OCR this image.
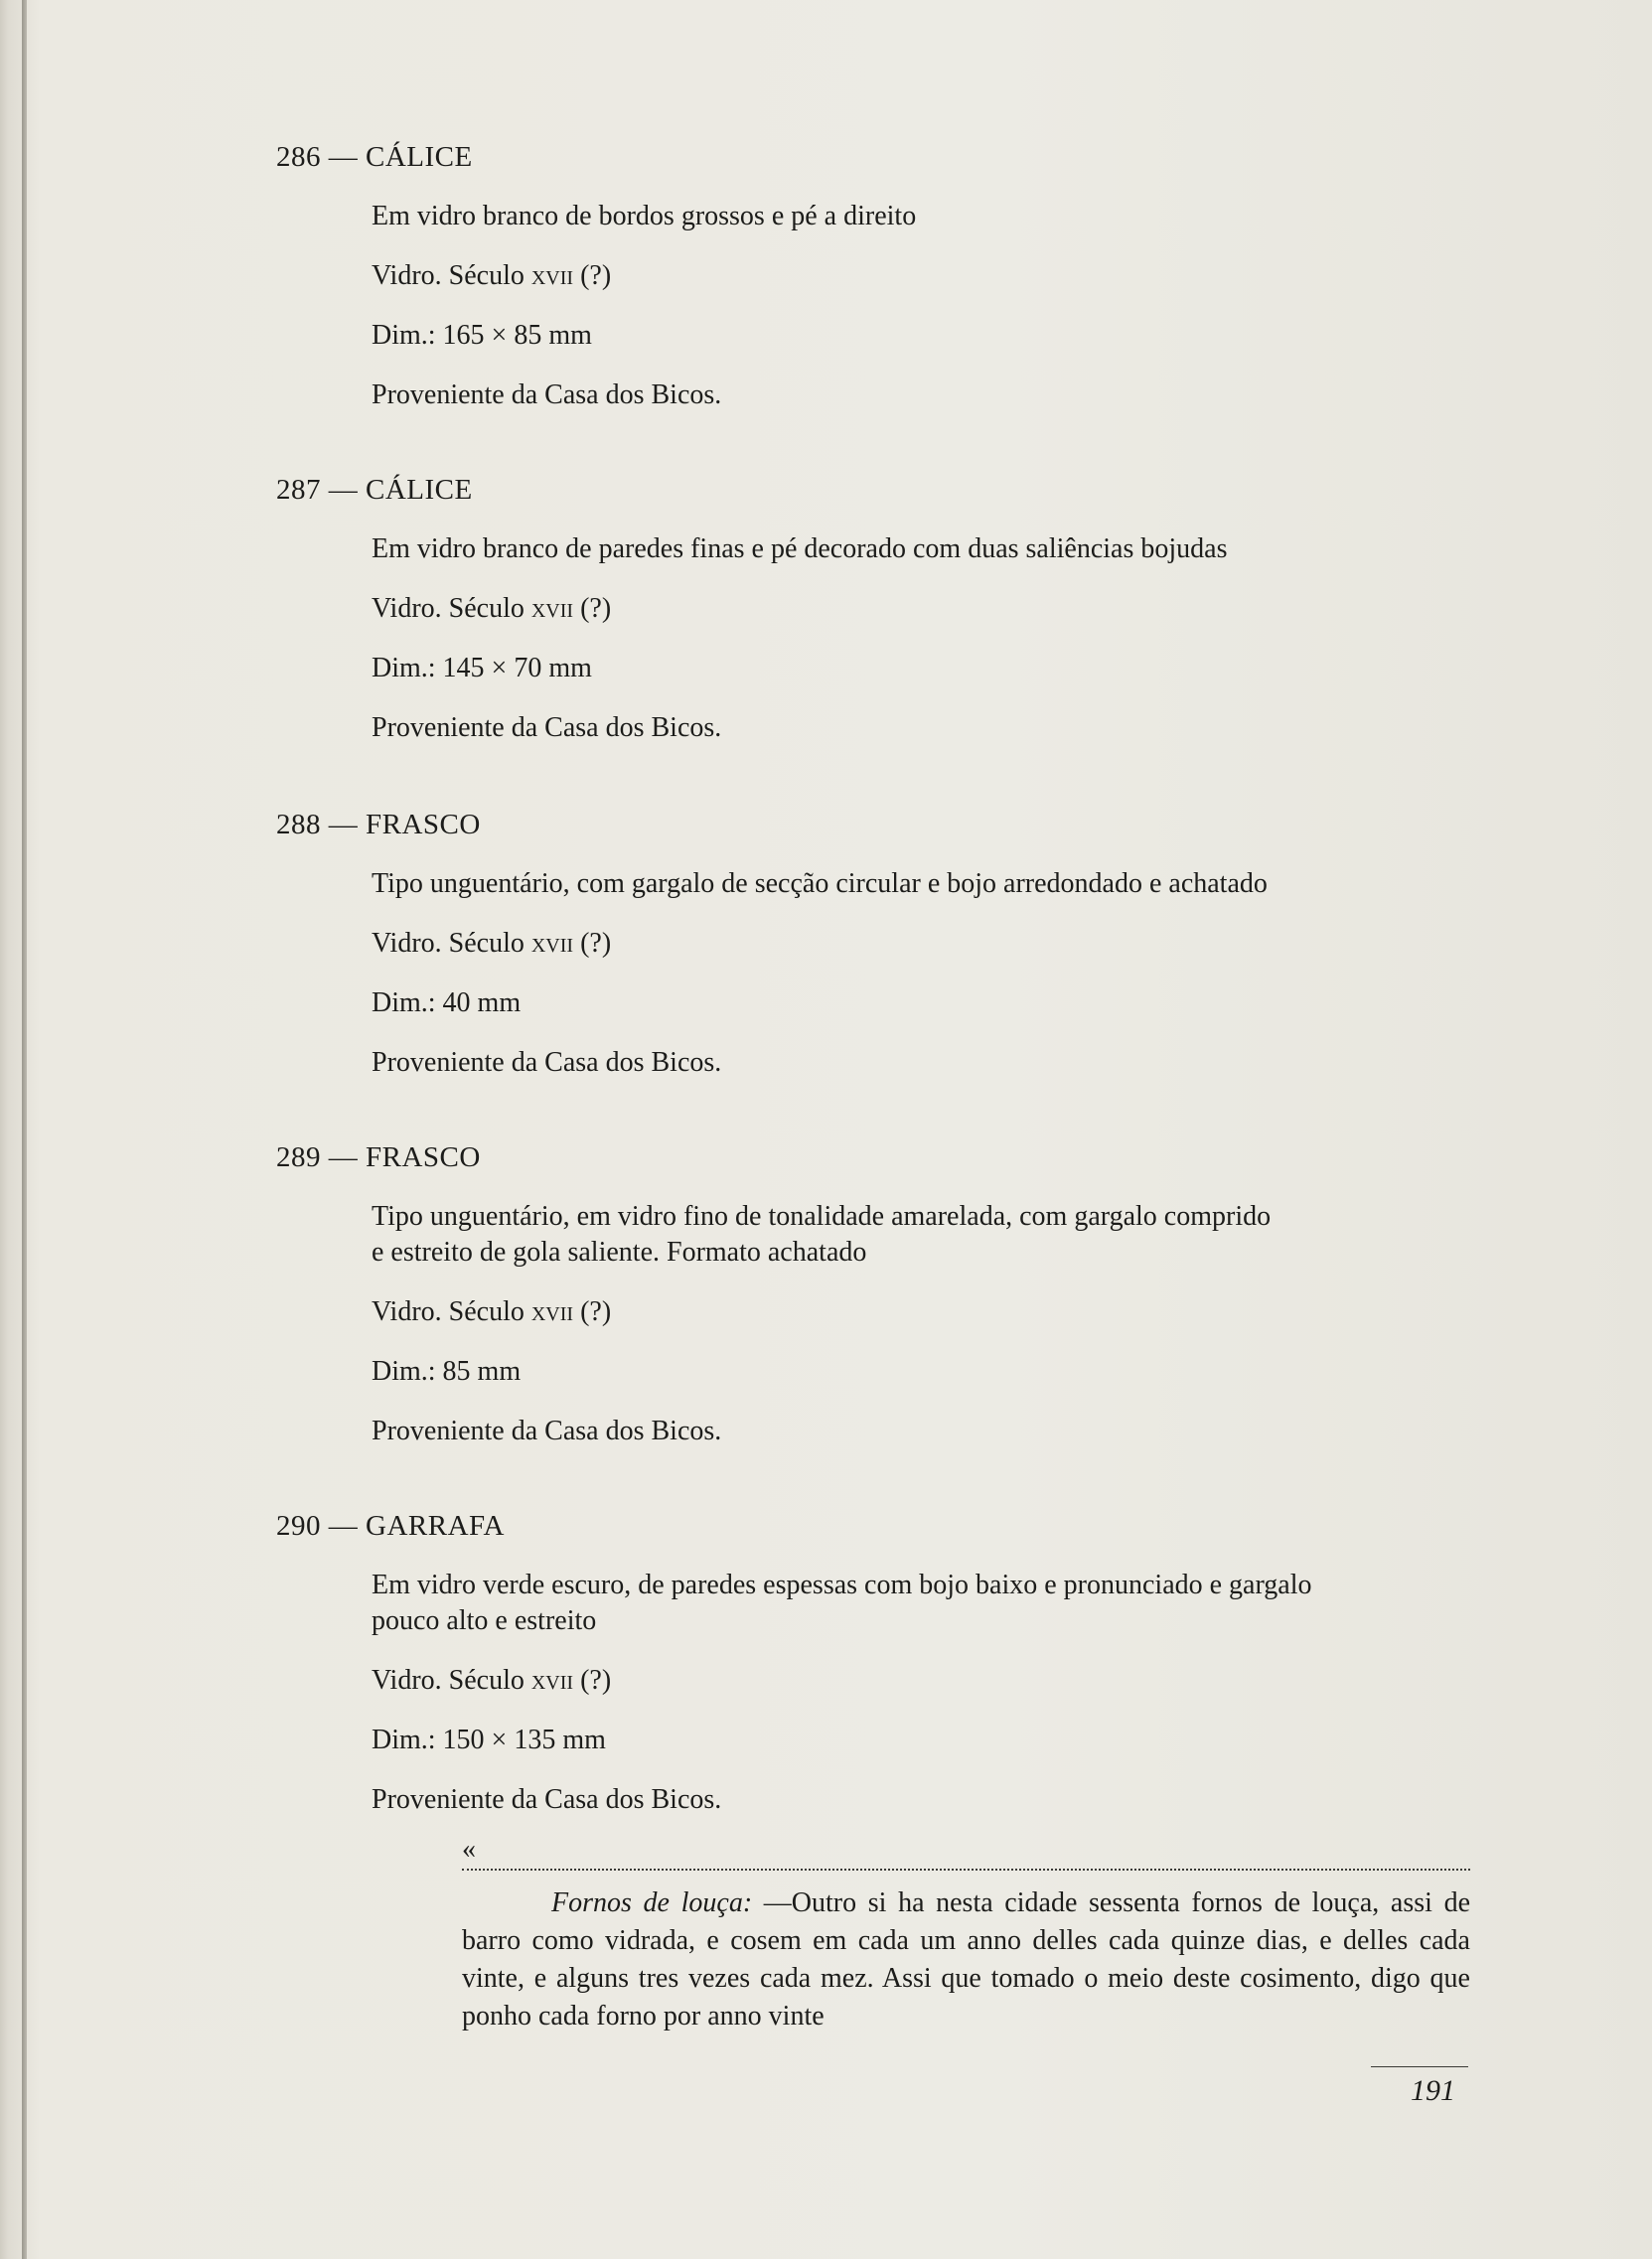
286 — CÁLICE

Em vidro branco de bordos grossos e pé a direito

Vidro. Século xvii (?)

Dim.: 165 × 85 mm

Proveniente da Casa dos Bicos.

287 — CÁLICE

Em vidro branco de paredes finas e pé decorado com duas saliências bojudas

Vidro. Século xvii (?)

Dim.: 145 × 70 mm

Proveniente da Casa dos Bicos.

288 — FRASCO

Tipo unguentário, com gargalo de secção circular e bojo arredondado e achatado

Vidro. Século xvii (?)

Dim.: 40 mm

Proveniente da Casa dos Bicos.

289 — FRASCO

Tipo unguentário, em vidro fino de tonalidade amarelada, com gargalo comprido

e estreito de gola saliente. Formato achatado

Vidro. Século xvii (?)

Dim.: 85 mm

Proveniente da Casa dos Bicos.

290 — GARRAFA

Em vidro verde escuro, de paredes espessas com bojo baixo e pronunciado e gargalo

pouco alto e estreito

Vidro. Século xvii (?)

Dim.: 150 × 135 mm

Proveniente da Casa dos Bicos.

«

Fornos de louça: —Outro si ha nesta cidade sessenta fornos de louça, assi de barro como vidrada, e cosem em cada um anno delles cada quinze dias, e delles cada vinte, e alguns tres vezes cada mez. Assi que tomado o meio deste cosimento, digo que ponho cada forno por anno vinte

191
